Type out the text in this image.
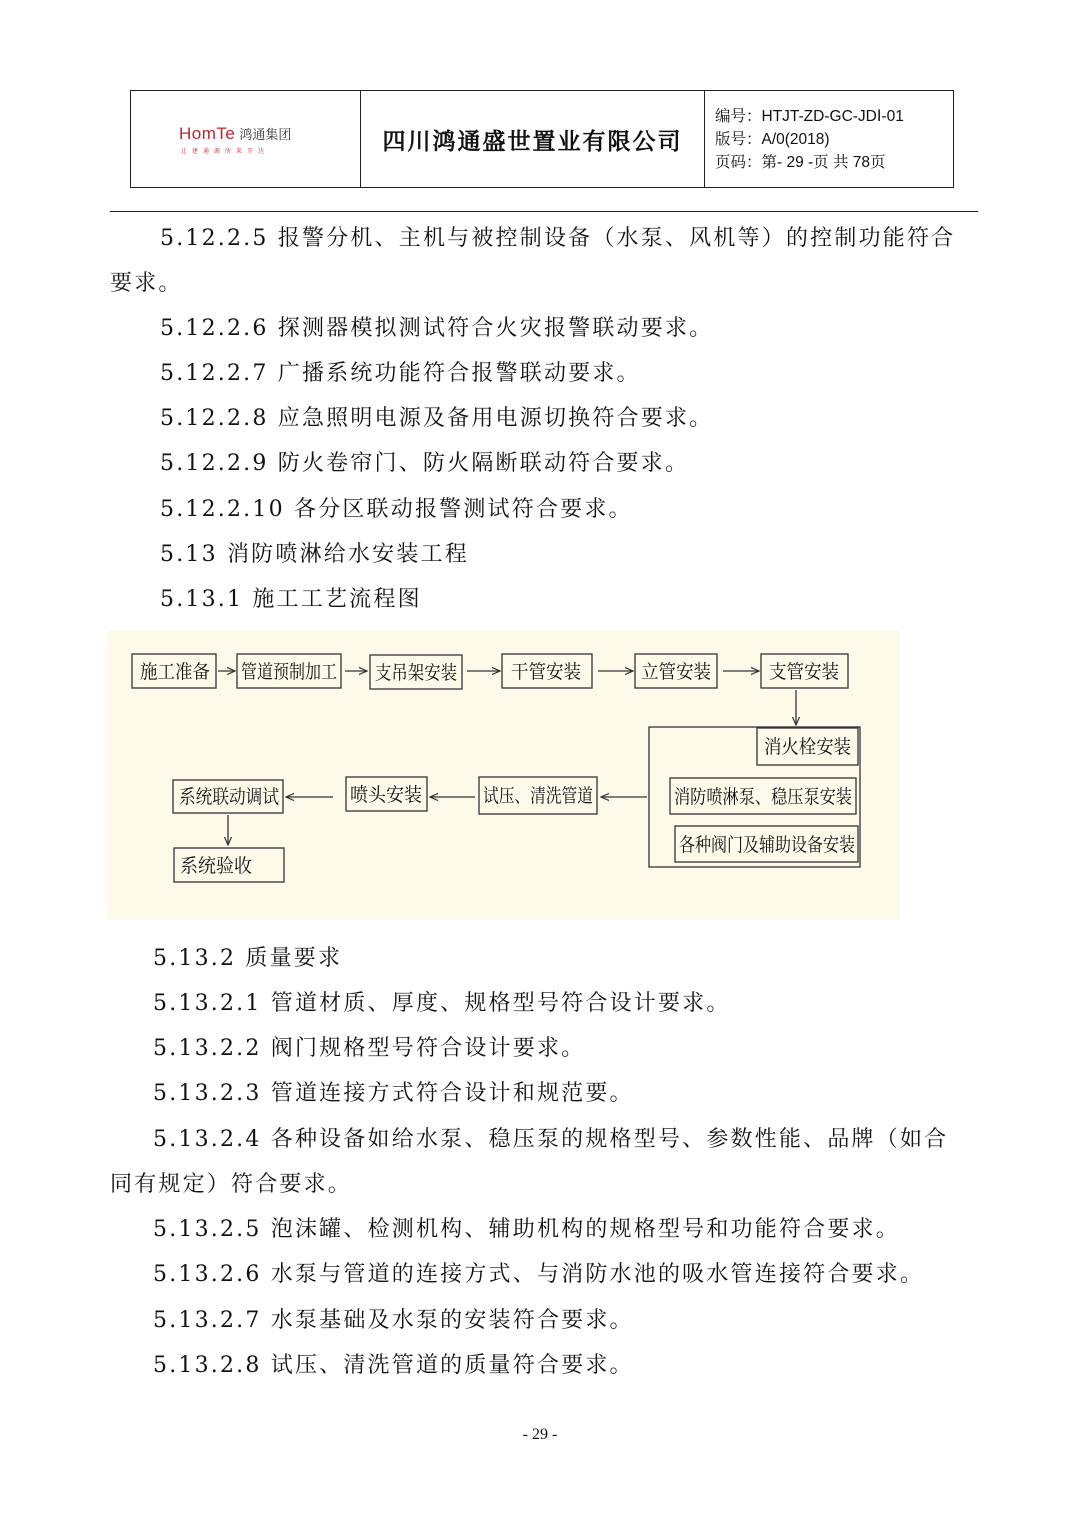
HomTe 鸿通集团
让建通源所来开达	四川鸿通盛世置业有限公司
编号：HTJT-ZD-GC-JDⅠ-01
版号：A/0(2018)
页码：第- 29 -页 共 78页
5.12.2.5 报警分机、主机与被控制设备（水泵、风机等）的控制功能符合
要求。
5.12.2.6 探测器模拟测试符合火灾报警联动要求。
5.12.2.7 广播系统功能符合报警联动要求。
5.12.2.8 应急照明电源及备用电源切换符合要求。
5.12.2.9 防火卷帘门、防火隔断联动符合要求。
5.12.2.10 各分区联动报警测试符合要求。
5.13 消防喷淋给水安装工程
5.13.1 施工工艺流程图
施工准备 管道预制加工 支吊架安装	干管安装	立管安装	支管安装
消火栓安装
消防喷淋泵、稳压泵安装
各种阀门及辅助设备安装
试压、清洗管道
喷头安装
系统联动调试
系统验收
5.13.2 质量要求
5.13.2.1 管道材质、厚度、规格型号符合设计要求。
5.13.2.2 阀门规格型号符合设计要求。
5.13.2.3 管道连接方式符合设计和规范要。
5.13.2.4 各种设备如给水泵、稳压泵的规格型号、参数性能、品牌（如合
同有规定）符合要求。
5.13.2.5 泡沫罐、检测机构、辅助机构的规格型号和功能符合要求。
5.13.2.6 水泵与管道的连接方式、与消防水池的吸水管连接符合要求。
5.13.2.7 水泵基础及水泵的安装符合要求。
5.13.2.8 试压、清洗管道的质量符合要求。
- 29 -
